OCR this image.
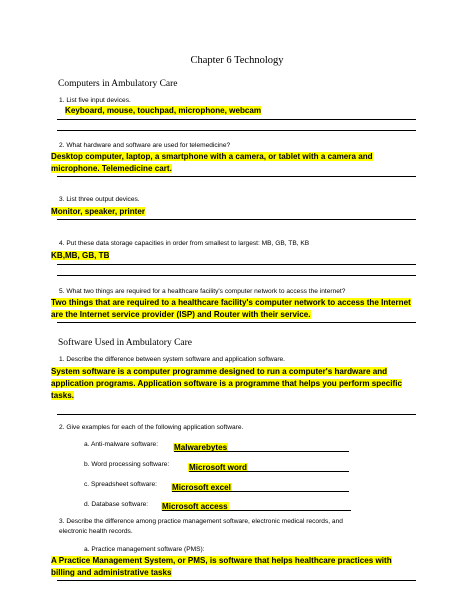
Chapter 6 Technology
Computers in Ambulatory Care
1. List five input devices.
Keyboard, mouse, touchpad, microphone, webcam
2. What hardware and software are used for telemedicine?
Desktop computer, laptop, a smartphone with a camera, or tablet with a camera and
microphone. Telemedicine cart.
3. List three output devices.
Monitor, speaker, printer
4. Put these data storage capacities in order from smallest to largest: MB, GB, TB, KB
KB,MB, GB, TB
5. What two things are required for a healthcare facility's computer network to access the internet?
Two things that are required to a healthcare facility's computer network to access the Internet
are the Internet service provider (ISP) and Router with their service.
Software Used in Ambulatory Care
1. Describe the difference between system software and application software.
System software is a computer programme designed to run a computer's hardware and
application programs. Application software is a programme that helps you perform specific
tasks.
2. Give examples for each of the following application software.
a. Anti-malware software: Malwarebytes
b. Word processing software: Microsoft word
c. Spreadsheet software: Microsoft excel
d. Database software: Microsoft access
3. Describe the difference among practice management software, electronic medical records, and
electronic health records.
a. Practice management software (PMS):
A Practice Management System, or PMS, is software that helps healthcare practices with
billing and administrative tasks
